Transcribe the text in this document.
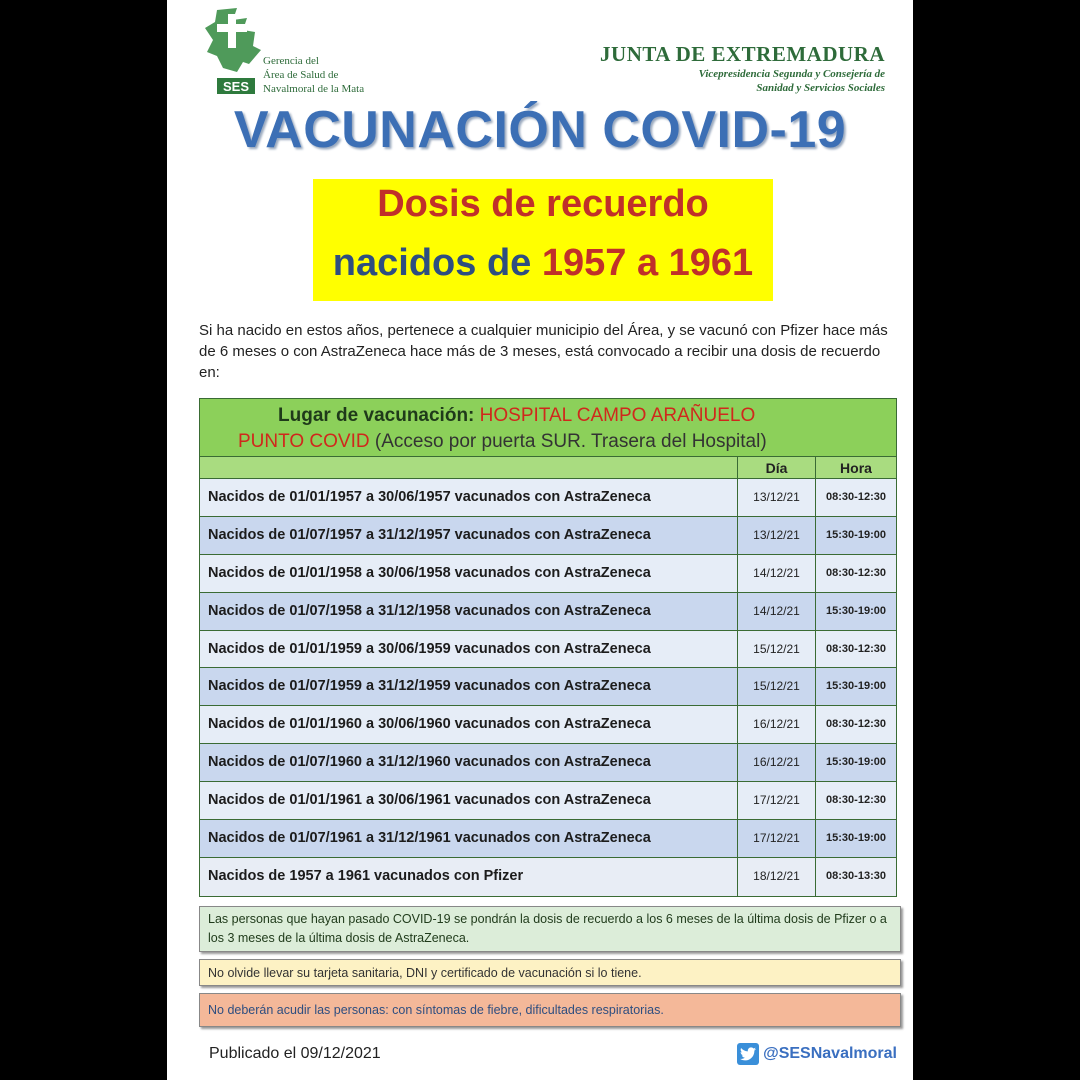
SES
Gerencia del
Área de Salud de
Navalmoral de la Mata
JUNTA DE EXTREMADURA
Vicepresidencia Segunda y Consejería de
Sanidad y Servicios Sociales
VACUNACIÓN COVID-19
Dosis de recuerdo
nacidos de 1957 a 1961

Si ha nacido en estos años, pertenece a cualquier municipio del Área, y se vacunó con Pfizer hace más de 6 meses o con AstraZeneca hace más de 3 meses, está convocado a recibir una dosis de recuerdo en:

Lugar de vacunación: HOSPITAL CAMPO ARAÑUELO
PUNTO COVID (Acceso por puerta SUR. Trasera del Hospital)
Día	Hora
Nacidos de 01/01/1957 a 30/06/1957 vacunados con AstraZeneca	13/12/21	08:30-12:30
Nacidos de 01/07/1957 a 31/12/1957 vacunados con AstraZeneca	13/12/21	15:30-19:00
Nacidos de 01/01/1958 a 30/06/1958 vacunados con AstraZeneca	14/12/21	08:30-12:30
Nacidos de 01/07/1958 a 31/12/1958 vacunados con AstraZeneca	14/12/21	15:30-19:00
Nacidos de 01/01/1959 a 30/06/1959 vacunados con AstraZeneca	15/12/21	08:30-12:30
Nacidos de 01/07/1959 a 31/12/1959 vacunados con AstraZeneca	15/12/21	15:30-19:00
Nacidos de 01/01/1960 a 30/06/1960 vacunados con AstraZeneca	16/12/21	08:30-12:30
Nacidos de 01/07/1960 a 31/12/1960 vacunados con AstraZeneca	16/12/21	15:30-19:00
Nacidos de 01/01/1961 a 30/06/1961 vacunados con AstraZeneca	17/12/21	08:30-12:30
Nacidos de 01/07/1961 a 31/12/1961 vacunados con AstraZeneca	17/12/21	15:30-19:00
Nacidos de 1957 a 1961 vacunados con Pfizer	18/12/21	08:30-13:30
Las personas que hayan pasado COVID-19 se pondrán la dosis de recuerdo a los 6 meses de la última dosis de Pfizer o a los 3 meses de la última dosis de AstraZeneca.
No olvide llevar su tarjeta sanitaria, DNI y certificado de vacunación si lo tiene.
No deberán acudir las personas: con síntomas de fiebre, dificultades respiratorias.
Publicado el 09/12/2021	@SESNavalmoral
